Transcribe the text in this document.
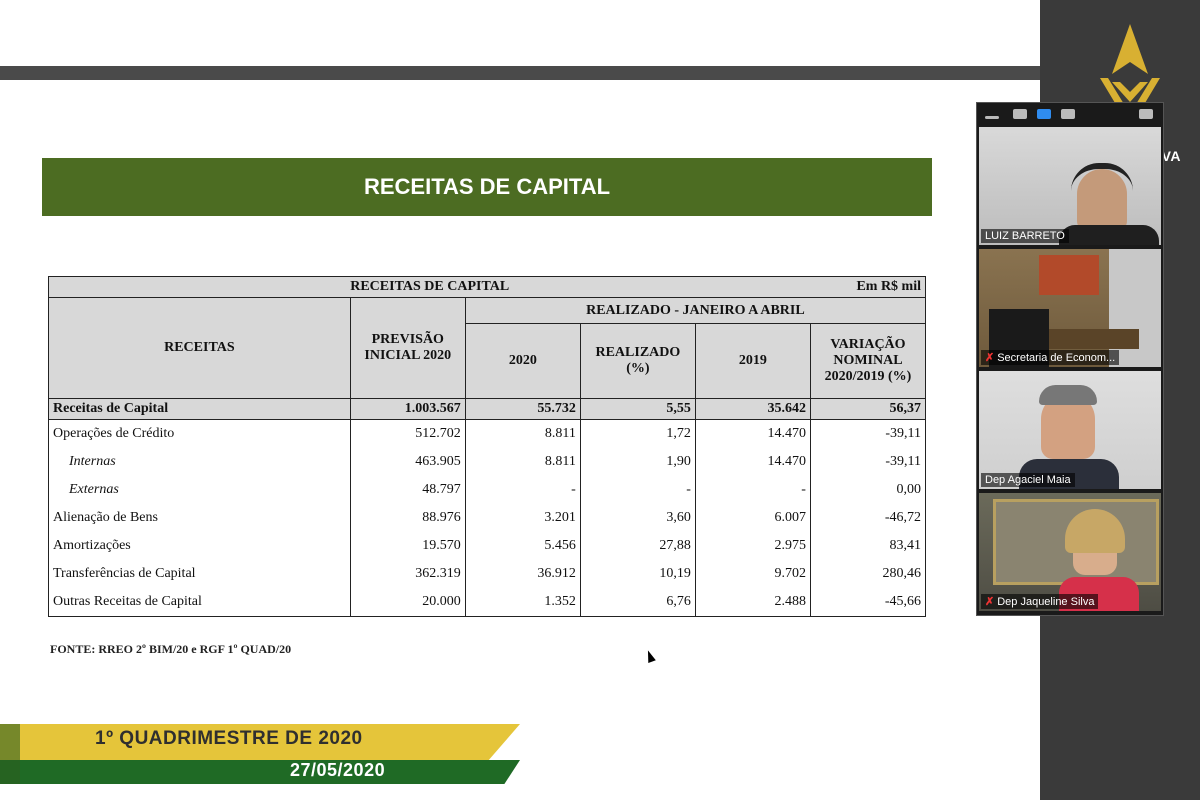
RECEITAS DE CAPITAL
RECEITAS DE CAPITAL					Em R$ mil
RECEITAS	PREVISÃO INICIAL 2020	REALIZADO - JANEIRO A ABRIL			
		2020	REALIZADO (%)	2019	VARIAÇÃO NOMINAL 2020/2019 (%)
Receitas de Capital	1.003.567	55.732	5,55	35.642	56,37
Operações de Crédito	512.702	8.811	1,72	14.470	-39,11
Internas	463.905	8.811	1,90	14.470	-39,11
Externas	48.797	-	-	-	0,00
Alienação de Bens	88.976	3.201	3,60	6.007	-46,72
Amortizações	19.570	5.456	27,88	2.975	83,41
Transferências de Capital	362.319	36.912	10,19	9.702	280,46
Outras Receitas de Capital	20.000	1.352	6,76	2.488	-45,66
FONTE: RREO 2º BIM/20 e RGF 1º QUAD/20
1º QUADRIMESTRE DE 2020
27/05/2020
LUIZ BARRETO
✗ Secretaria de Econom...
Dep Agaciel Maia
✗ Dep Jaqueline Silva
